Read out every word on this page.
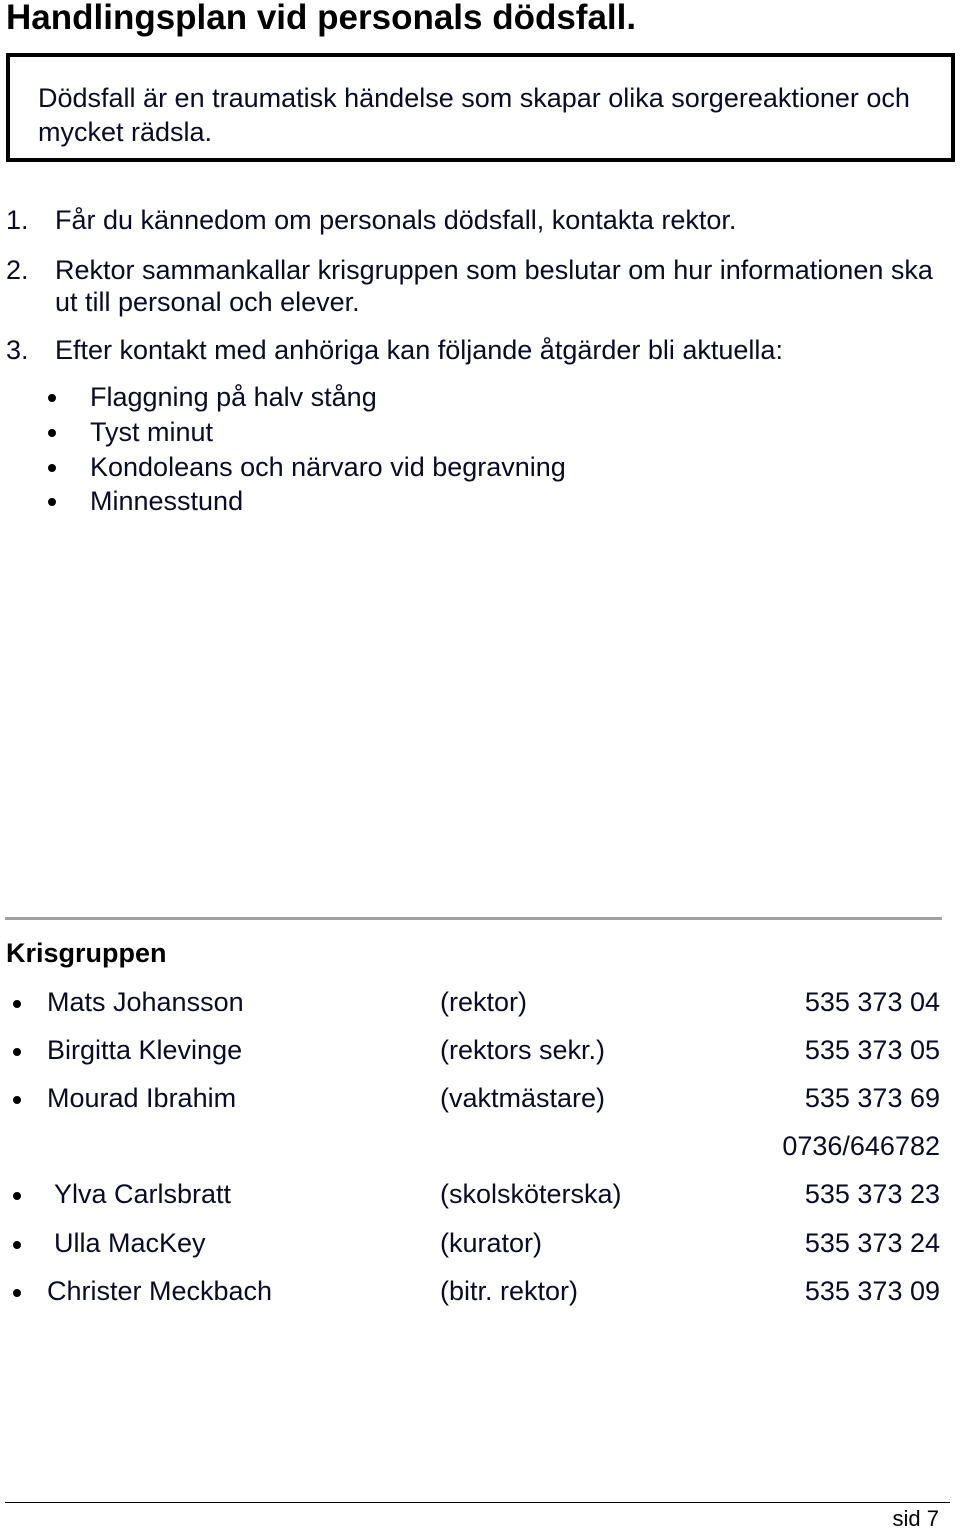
Handlingsplan vid personals dödsfall.
Dödsfall är en traumatisk händelse som skapar olika sorgereaktioner och mycket rädsla.
1. Får du kännedom om personals dödsfall, kontakta rektor.
2. Rektor sammankallar krisgruppen som beslutar om hur informationen ska ut till personal och elever.
3. Efter kontakt med anhöriga kan följande åtgärder bli aktuella:
Flaggning på halv stång
Tyst minut
Kondoleans och närvaro vid begravning
Minnesstund
Krisgruppen
Mats Johansson	(rektor)	535 373 04
Birgitta Klevinge	(rektors sekr.)	535 373 05
Mourad Ibrahim	(vaktmästare)	535 373 69
0736/646782
Ylva Carlsbratt	(skolsköterska)	535 373 23
Ulla MacKey	(kurator)	535 373 24
Christer Meckbach	(bitr. rektor)	535 373 09
sid 7
